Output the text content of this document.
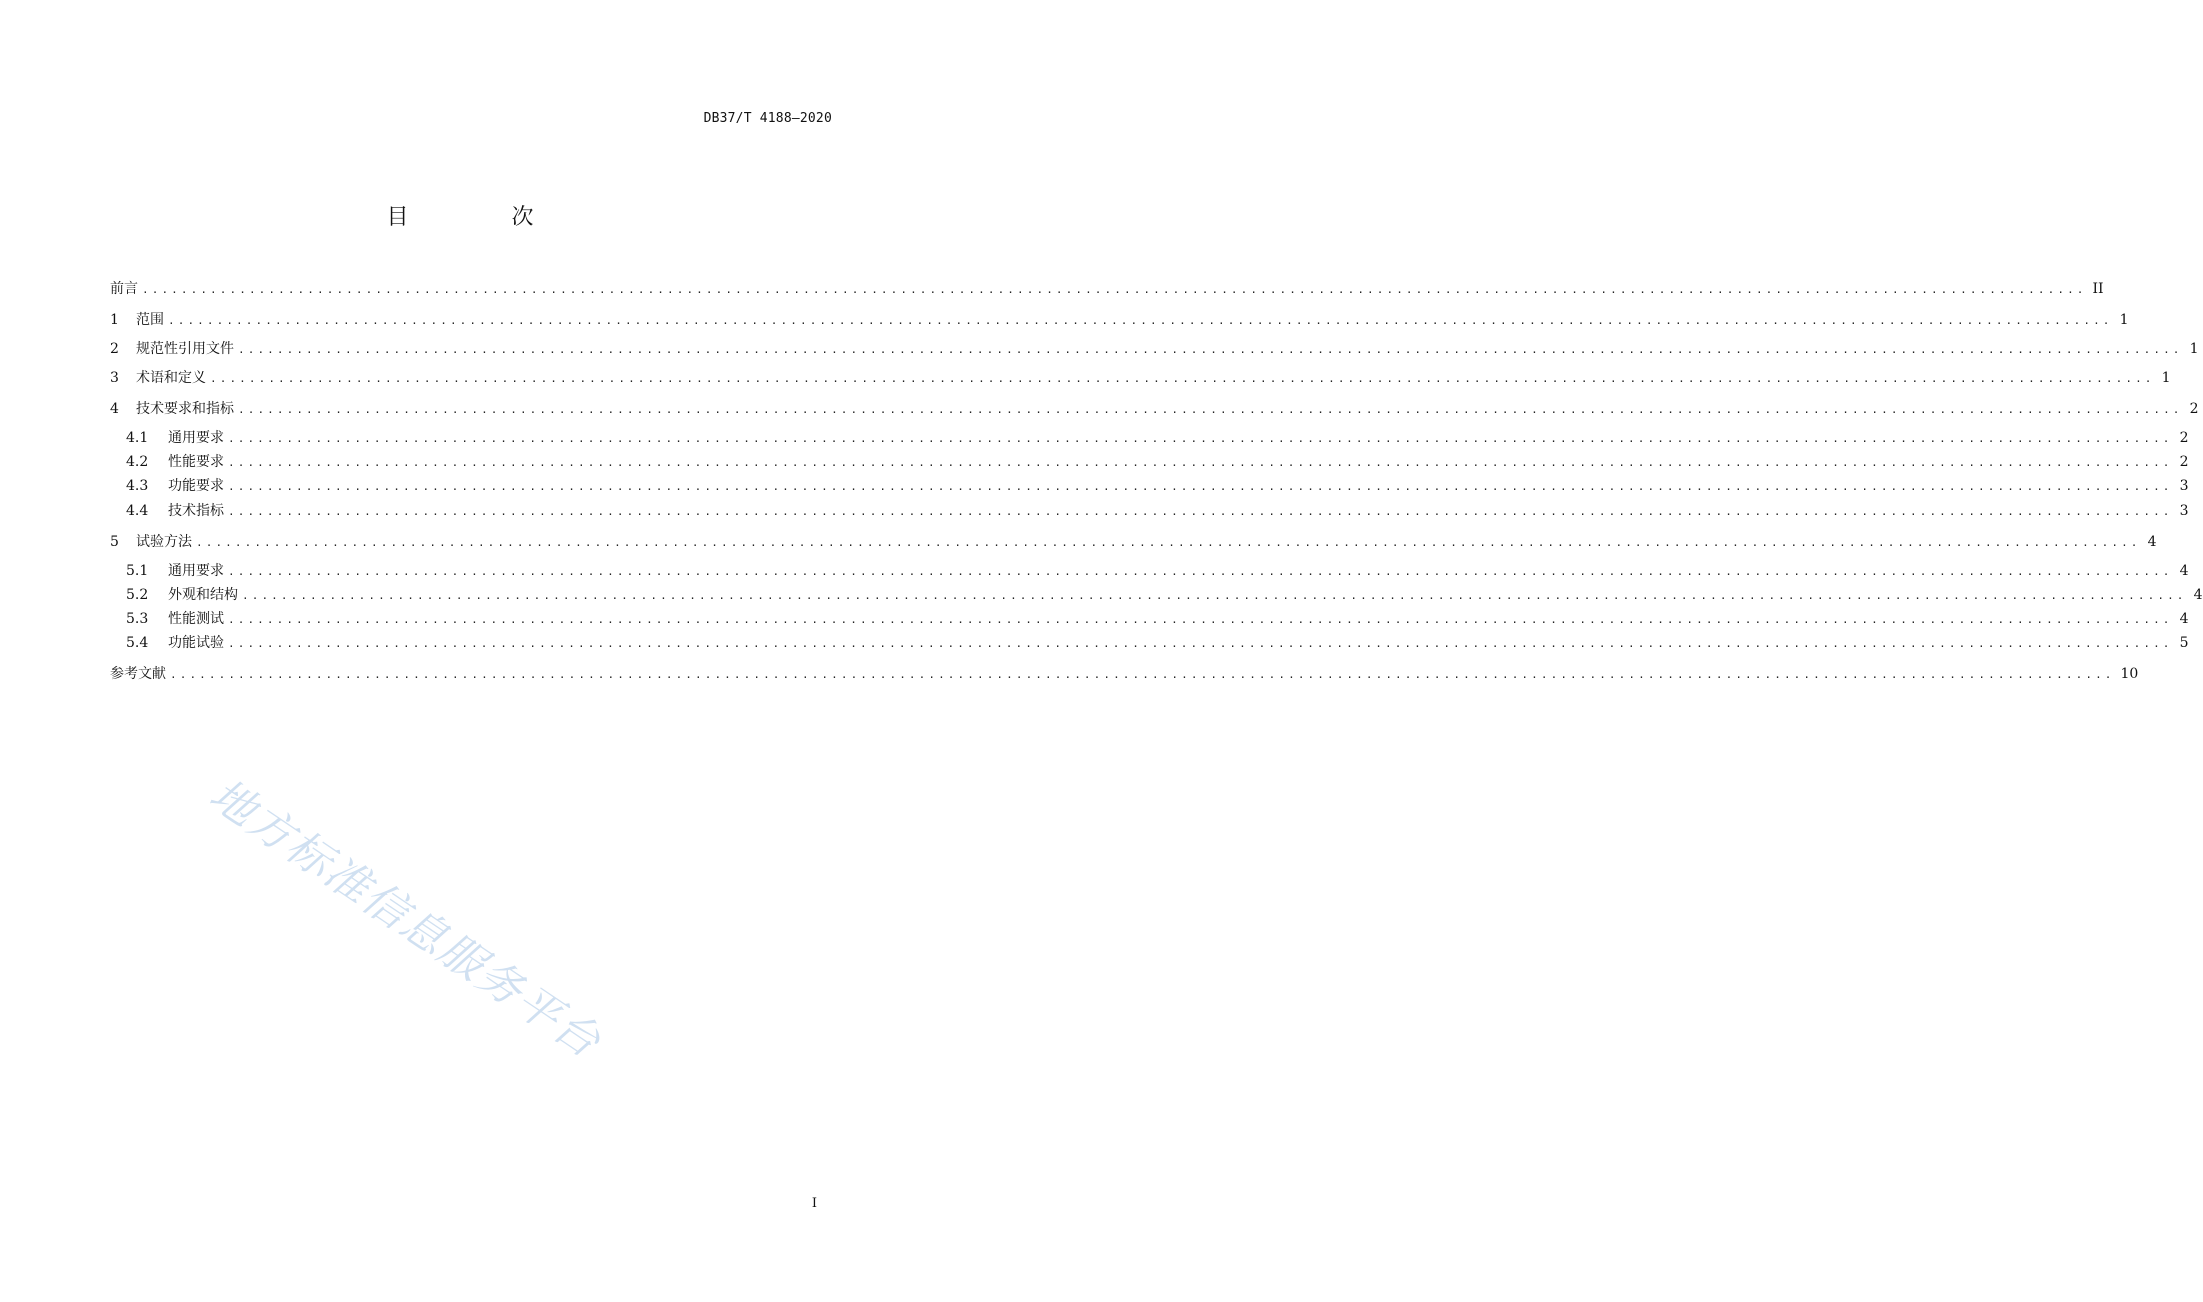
DB37/T 4188—2020
目 次
前言 ........................................................................................................................................................................................................ II
1	范围 ........................................................................................................................................................................................................ 1
2	规范性引用文件 ........................................................................................................................................................................................................ 1
3	术语和定义 ........................................................................................................................................................................................................ 1
4	技术要求和指标 ........................................................................................................................................................................................................ 2
4.1	通用要求 ........................................................................................................................................................................................................ 2
4.2	性能要求 ........................................................................................................................................................................................................ 2
4.3	功能要求 ........................................................................................................................................................................................................ 3
4.4	技术指标 ........................................................................................................................................................................................................ 3
5	试验方法 ........................................................................................................................................................................................................ 4
5.1	通用要求 ........................................................................................................................................................................................................ 4
5.2	外观和结构 ........................................................................................................................................................................................................ 4
5.3	性能测试 ........................................................................................................................................................................................................ 4
5.4	功能试验 ........................................................................................................................................................................................................ 5
参考文献 ........................................................................................................................................................................................................ 10
地方标准信息服务平台
I
